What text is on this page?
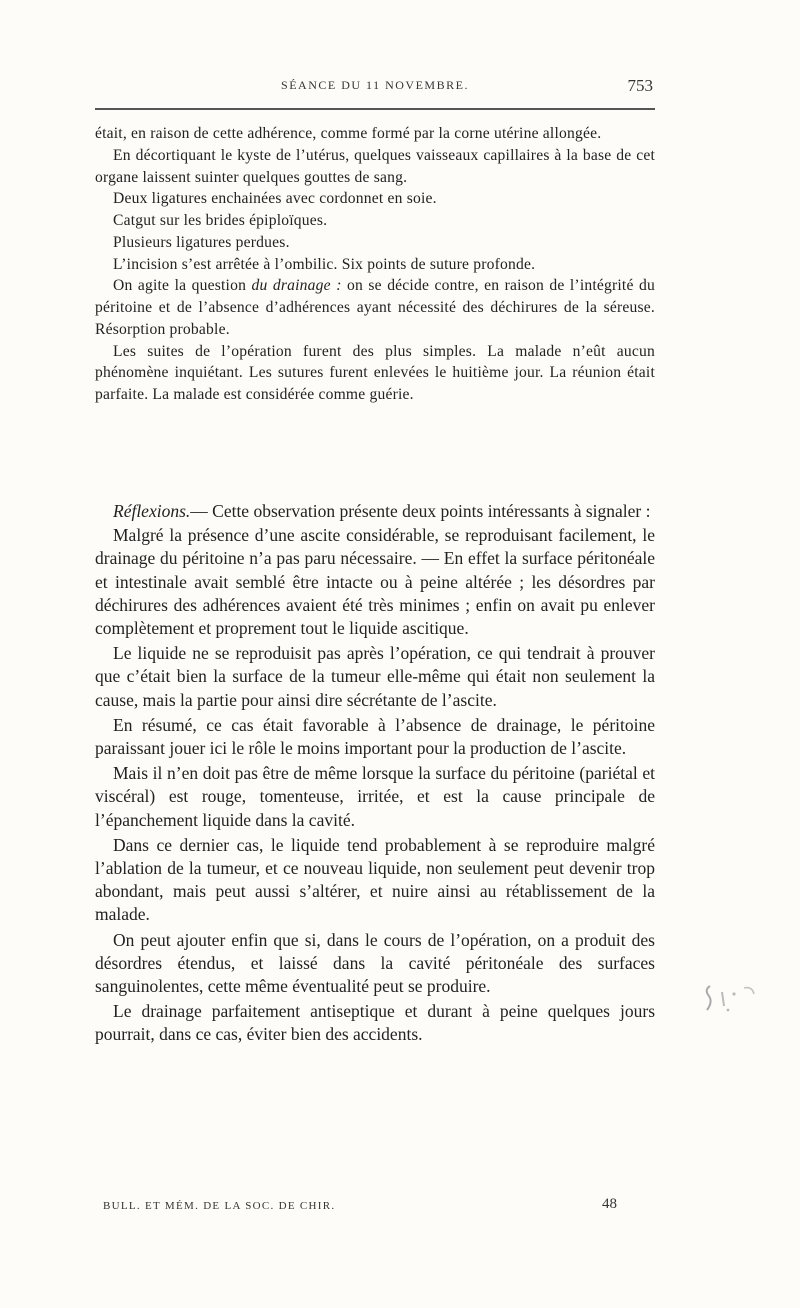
SÉANCE DU 11 NOVEMBRE.	753

était, en raison de cette adhérence, comme formé par la corne utérine allongée.

En décortiquant le kyste de l’utérus, quelques vaisseaux capillaires à la base de cet organe laissent suinter quelques gouttes de sang.

Deux ligatures enchainées avec cordonnet en soie.

Catgut sur les brides épiploïques.

Plusieurs ligatures perdues.

L’incision s’est arrêtée à l’ombilic. Six points de suture profonde.

On agite la question du drainage : on se décide contre, en raison de l’intégrité du péritoine et de l’absence d’adhérences ayant nécessité des déchirures de la séreuse. Résorption probable.

Les suites de l’opération furent des plus simples. La malade n’eût aucun phénomène inquiétant. Les sutures furent enlevées le huitième jour. La réunion était parfaite. La malade est considérée comme guérie.

Réflexions.— Cette observation présente deux points intéressants à signaler :

Malgré la présence d’une ascite considérable, se reproduisant facilement, le drainage du péritoine n’a pas paru nécessaire. — En effet la surface péritonéale et intestinale avait semblé être intacte ou à peine altérée ; les désordres par déchirures des adhérences avaient été très minimes ; enfin on avait pu enlever complètement et proprement tout le liquide ascitique.

Le liquide ne se reproduisit pas après l’opération, ce qui tendrait à prouver que c’était bien la surface de la tumeur elle-même qui était non seulement la cause, mais la partie pour ainsi dire sécrétante de l’ascite.

En résumé, ce cas était favorable à l’absence de drainage, le péritoine paraissant jouer ici le rôle le moins important pour la production de l’ascite.

Mais il n’en doit pas être de même lorsque la surface du péritoine (pariétal et viscéral) est rouge, tomenteuse, irritée, et est la cause principale de l’épanchement liquide dans la cavité.

Dans ce dernier cas, le liquide tend probablement à se reproduire malgré l’ablation de la tumeur, et ce nouveau liquide, non seulement peut devenir trop abondant, mais peut aussi s’altérer, et nuire ainsi au rétablissement de la malade.

On peut ajouter enfin que si, dans le cours de l’opération, on a produit des désordres étendus, et laissé dans la cavité péritonéale des surfaces sanguinolentes, cette même éventualité peut se produire.

Le drainage parfaitement antiseptique et durant à peine quelques jours pourrait, dans ce cas, éviter bien des accidents.

BULL. ET MÉM. DE LA SOC. DE CHIR.	48
